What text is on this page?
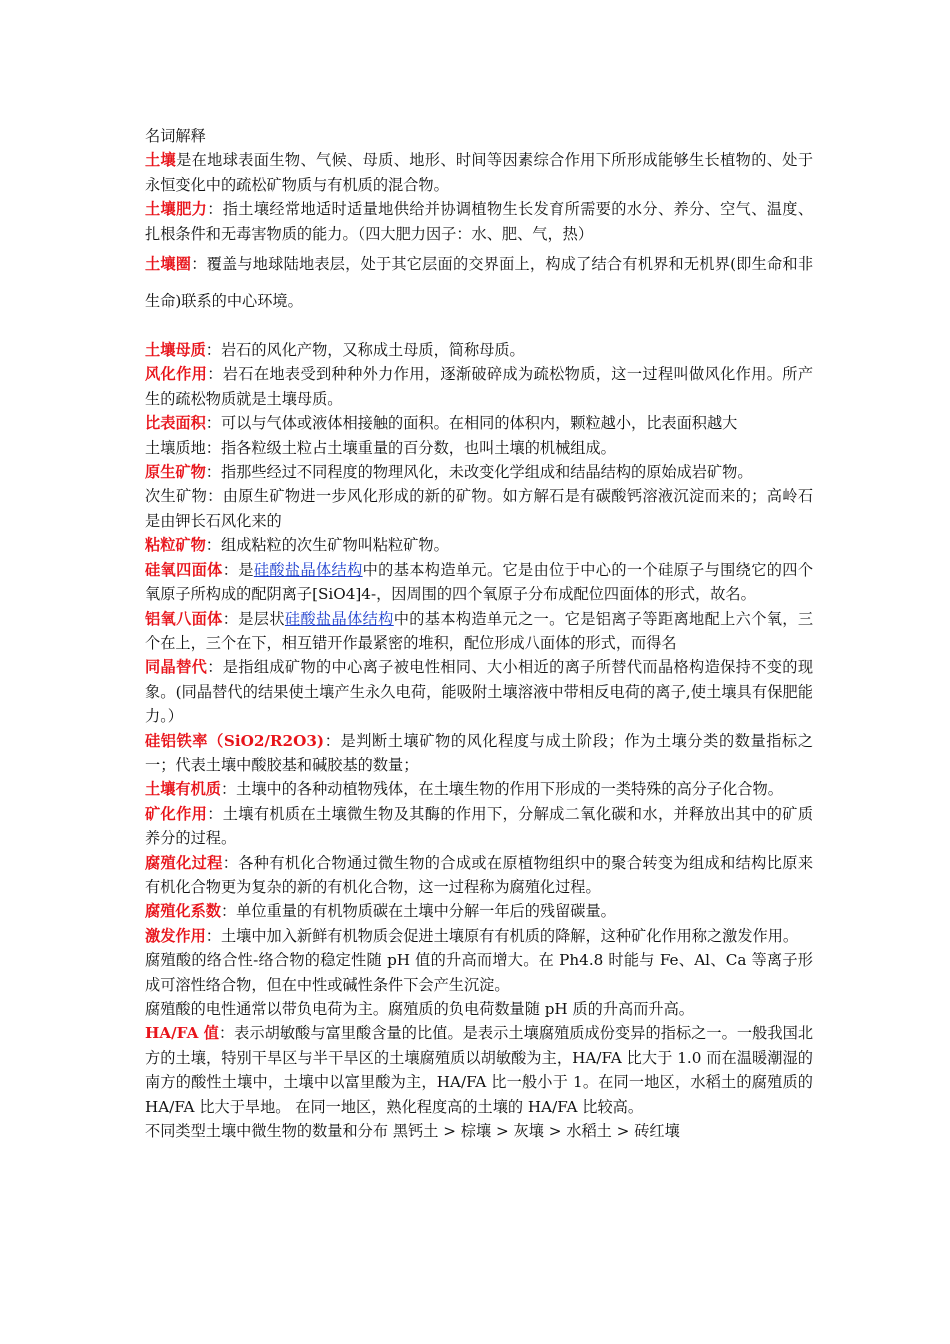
名词解释

土壤是在地球表面生物、气候、母质、地形、时间等因素综合作用下所形成能够生长植物的、处于永恒变化中的疏松矿物质与有机质的混合物。

土壤肥力：指土壤经常地适时适量地供给并协调植物生长发育所需要的水分、养分、空气、温度、扎根条件和无毒害物质的能力。（四大肥力因子：水、肥、气，热）

土壤圈：覆盖与地球陆地表层，处于其它层面的交界面上，构成了结合有机界和无机界(即生命和非生命)联系的中心环境。

土壤母质：岩石的风化产物，又称成土母质，简称母质。

风化作用：岩石在地表受到种种外力作用，逐渐破碎成为疏松物质，这一过程叫做风化作用。所产生的疏松物质就是土壤母质。

比表面积：可以与气体或液体相接触的面积。在相同的体积内，颗粒越小，比表面积越大

土壤质地：指各粒级土粒占土壤重量的百分数，也叫土壤的机械组成。

原生矿物：指那些经过不同程度的物理风化，未改变化学组成和结晶结构的原始成岩矿物。

次生矿物：由原生矿物进一步风化形成的新的矿物。如方解石是有碳酸钙溶液沉淀而来的；高岭石是由钾长石风化来的

粘粒矿物：组成粘粒的次生矿物叫粘粒矿物。

硅氧四面体：是硅酸盐晶体结构中的基本构造单元。它是由位于中心的一个硅原子与围绕它的四个氧原子所构成的配阴离子[SiO4]4-，因周围的四个氧原子分布成配位四面体的形式，故名。

铝氧八面体：是层状硅酸盐晶体结构中的基本构造单元之一。它是铝离子等距离地配上六个氧，三个在上，三个在下，相互错开作最紧密的堆积，配位形成八面体的形式，而得名

同晶替代：是指组成矿物的中心离子被电性相同、大小相近的离子所替代而晶格构造保持不变的现象。(同晶替代的结果使土壤产生永久电荷，能吸附土壤溶液中带相反电荷的离子,使土壤具有保肥能力。）

硅铝铁率（SiO2/R2O3)：是判断土壤矿物的风化程度与成土阶段；作为土壤分类的数量指标之一；代表土壤中酸胶基和碱胶基的数量；

土壤有机质：土壤中的各种动植物残体，在土壤生物的作用下形成的一类特殊的高分子化合物。

矿化作用：土壤有机质在土壤微生物及其酶的作用下，分解成二氧化碳和水，并释放出其中的矿质养分的过程。

腐殖化过程：各种有机化合物通过微生物的合成或在原植物组织中的聚合转变为组成和结构比原来有机化合物更为复杂的新的有机化合物，这一过程称为腐殖化过程。

腐殖化系数：单位重量的有机物质碳在土壤中分解一年后的残留碳量。

激发作用：土壤中加入新鲜有机物质会促进土壤原有有机质的降解，这种矿化作用称之激发作用。

腐殖酸的络合性-络合物的稳定性随 pH 值的升高而增大。在 Ph4.8 时能与 Fe、Al、Ca 等离子形成可溶性络合物，但在中性或碱性条件下会产生沉淀。

腐殖酸的电性通常以带负电荷为主。腐殖质的负电荷数量随 pH 质的升高而升高。

HA/FA 值：表示胡敏酸与富里酸含量的比值。是表示土壤腐殖质成份变异的指标之一。一般我国北方的土壤，特别干旱区与半干旱区的土壤腐殖质以胡敏酸为主，HA/FA 比大于 1.0 而在温暖潮湿的南方的酸性土壤中，土壤中以富里酸为主，HA/FA 比一般小于 1。在同一地区，水稻土的腐殖质的 HA/FA 比大于旱地。 在同一地区，熟化程度高的土壤的 HA/FA 比较高。

不同类型土壤中微生物的数量和分布 黑钙土 > 棕壤 > 灰壤 > 水稻土 > 砖红壤
